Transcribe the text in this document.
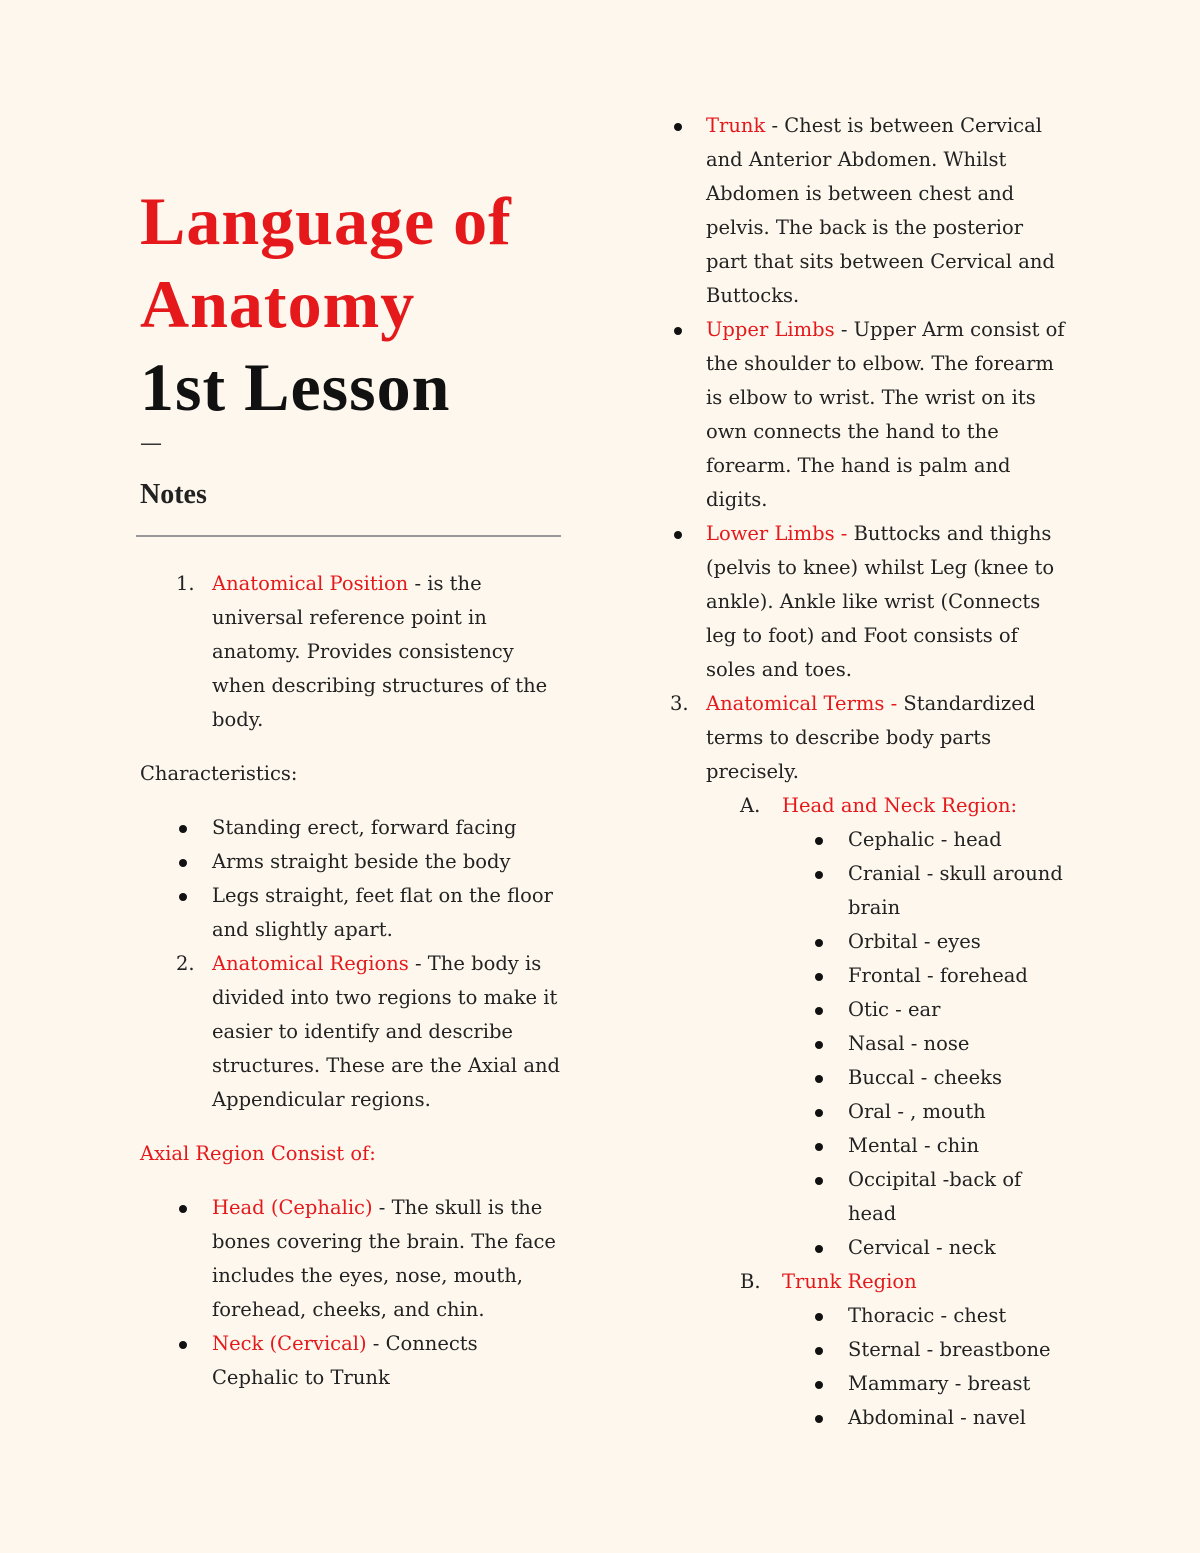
Language of
Anatomy
1st Lesson
—
Notes
1. Anatomical Position - is the universal reference point in anatomy. Provides consistency when describing structures of the body.
Characteristics:
Standing erect, forward facing
Arms straight beside the body
Legs straight, feet flat on the floor and slightly apart.
2. Anatomical Regions - The body is divided into two regions to make it easier to identify and describe structures. These are the Axial and Appendicular regions.
Axial Region Consist of:
Head (Cephalic) - The skull is the bones covering the brain. The face includes the eyes, nose, mouth, forehead, cheeks, and chin.
Neck (Cervical) - Connects Cephalic to Trunk
Trunk - Chest is between Cervical and Anterior Abdomen. Whilst Abdomen is between chest and pelvis. The back is the posterior part that sits between Cervical and Buttocks.
Upper Limbs - Upper Arm consist of the shoulder to elbow. The forearm is elbow to wrist. The wrist on its own connects the hand to the forearm. The hand is palm and digits.
Lower Limbs - Buttocks and thighs (pelvis to knee) whilst Leg (knee to ankle). Ankle like wrist (Connects leg to foot) and Foot consists of soles and toes.
3. Anatomical Terms - Standardized terms to describe body parts precisely.
A. Head and Neck Region:
Cephalic - head
Cranial - skull around brain
Orbital - eyes
Frontal - forehead
Otic - ear
Nasal - nose
Buccal - cheeks
Oral - , mouth
Mental - chin
Occipital -back of head
Cervical - neck
B. Trunk Region
Thoracic - chest
Sternal - breastbone
Mammary - breast
Abdominal - navel
